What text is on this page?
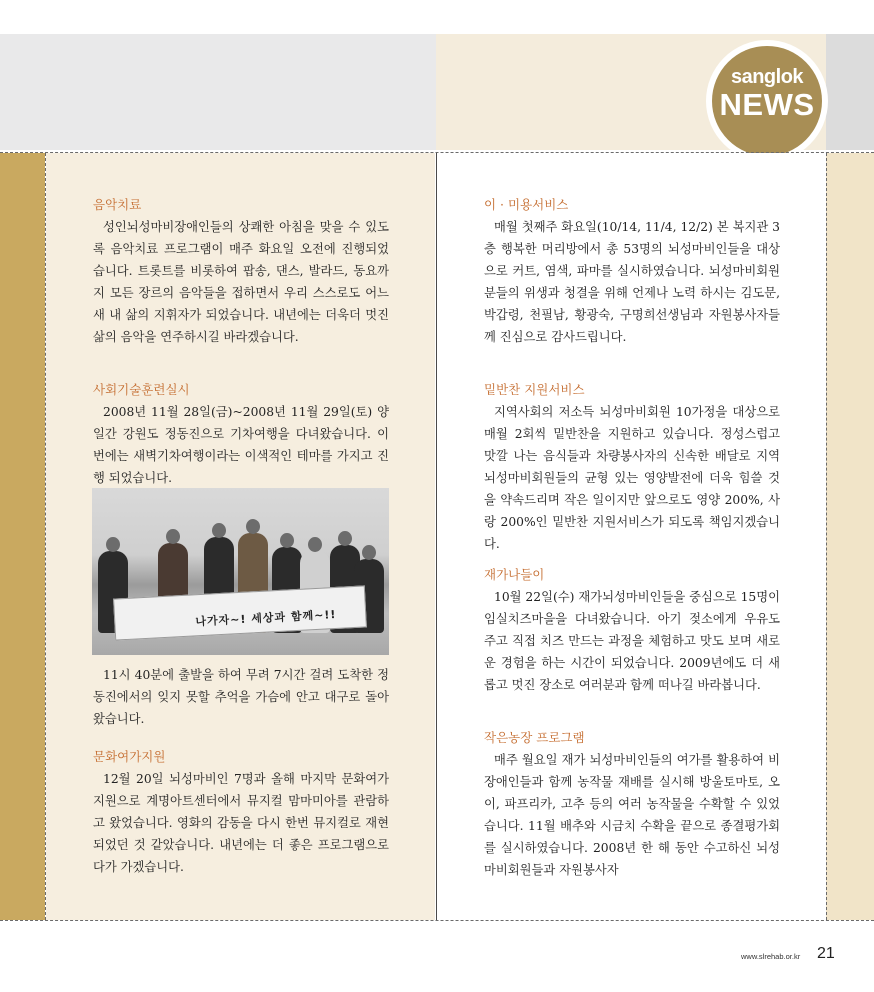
sanglok
NEWS
음악치료

성인뇌성마비장애인들의 상쾌한 아침을 맞을 수 있도록 음악치료 프로그램이 매주 화요일 오전에 진행되었습니다. 트롯트를 비롯하여 팝송, 댄스, 발라드, 동요까지 모든 장르의 음악들을 접하면서 우리 스스로도 어느새 내 삶의 지휘자가 되었습니다. 내년에는 더욱더 멋진 삶의 음악을 연주하시길 바라겠습니다.

사회기술훈련실시

2008년 11월 28일(금)~2008년 11월 29일(토) 양일간 강원도 정동진으로 기차여행을 다녀왔습니다. 이번에는 새벽기차여행이라는 이색적인 테마를 가지고 진행 되었습니다.

나가자~! 세상과 함께~!!

11시 40분에 출발을 하여 무려 7시간 걸려 도착한 정동진에서의 잊지 못할 추억을 가슴에 안고 대구로 돌아 왔습니다.

문화여가지원

12월 20일 뇌성마비인 7명과 올해 마지막 문화여가지원으로 계명아트센터에서 뮤지컬 맘마미아를 관람하고 왔었습니다. 영화의 감동을 다시 한번 뮤지컬로 재현 되었던 것 같았습니다. 내년에는 더 좋은 프로그램으로 다가 가겠습니다.

이 · 미용서비스

매월 첫째주 화요일(10/14, 11/4, 12/2) 본 복지관 3층 행복한 머리방에서 총 53명의 뇌성마비인들을 대상으로 커트, 염색, 파마를 실시하였습니다. 뇌성마비회원분들의 위생과 청결을 위해 언제나 노력 하시는 김도문, 박갑령, 천필남, 황광숙, 구명희선생님과 자원봉사자들께 진심으로 감사드립니다.

밑반찬 지원서비스

지역사회의 저소득 뇌성마비회원 10가정을 대상으로 매월 2회씩 밑반찬을 지원하고 있습니다. 정성스럽고 맛깔 나는 음식들과 차량봉사자의 신속한 배달로 지역 뇌성마비회원들의 균형 있는 영양발전에 더욱 힘쓸 것을 약속드리며 작은 일이지만 앞으로도 영양 200%, 사랑 200%인 밑반찬 지원서비스가 되도록 책임지겠습니다.

재가나들이

10월 22일(수) 재가뇌성마비인들을 중심으로 15명이 임실치즈마을을 다녀왔습니다. 아기 젖소에게 우유도 주고 직접 치즈 만드는 과정을 체험하고 맛도 보며 새로운 경험을 하는 시간이 되었습니다. 2009년에도 더 새롭고 멋진 장소로 여러분과 함께 떠나길 바라봅니다.

작은농장 프로그램

매주 월요일 재가 뇌성마비인들의 여가를 활용하여 비장애인들과 함께 농작물 재배를 실시해 방울토마토, 오이, 파프리카, 고추 등의 여러 농작물을 수확할 수 있었습니다. 11월 배추와 시금치 수확을 끝으로 종결평가회를 실시하였습니다. 2008년 한 해 동안 수고하신 뇌성마비회원들과 자원봉사자

www.slrehab.or.kr 21
